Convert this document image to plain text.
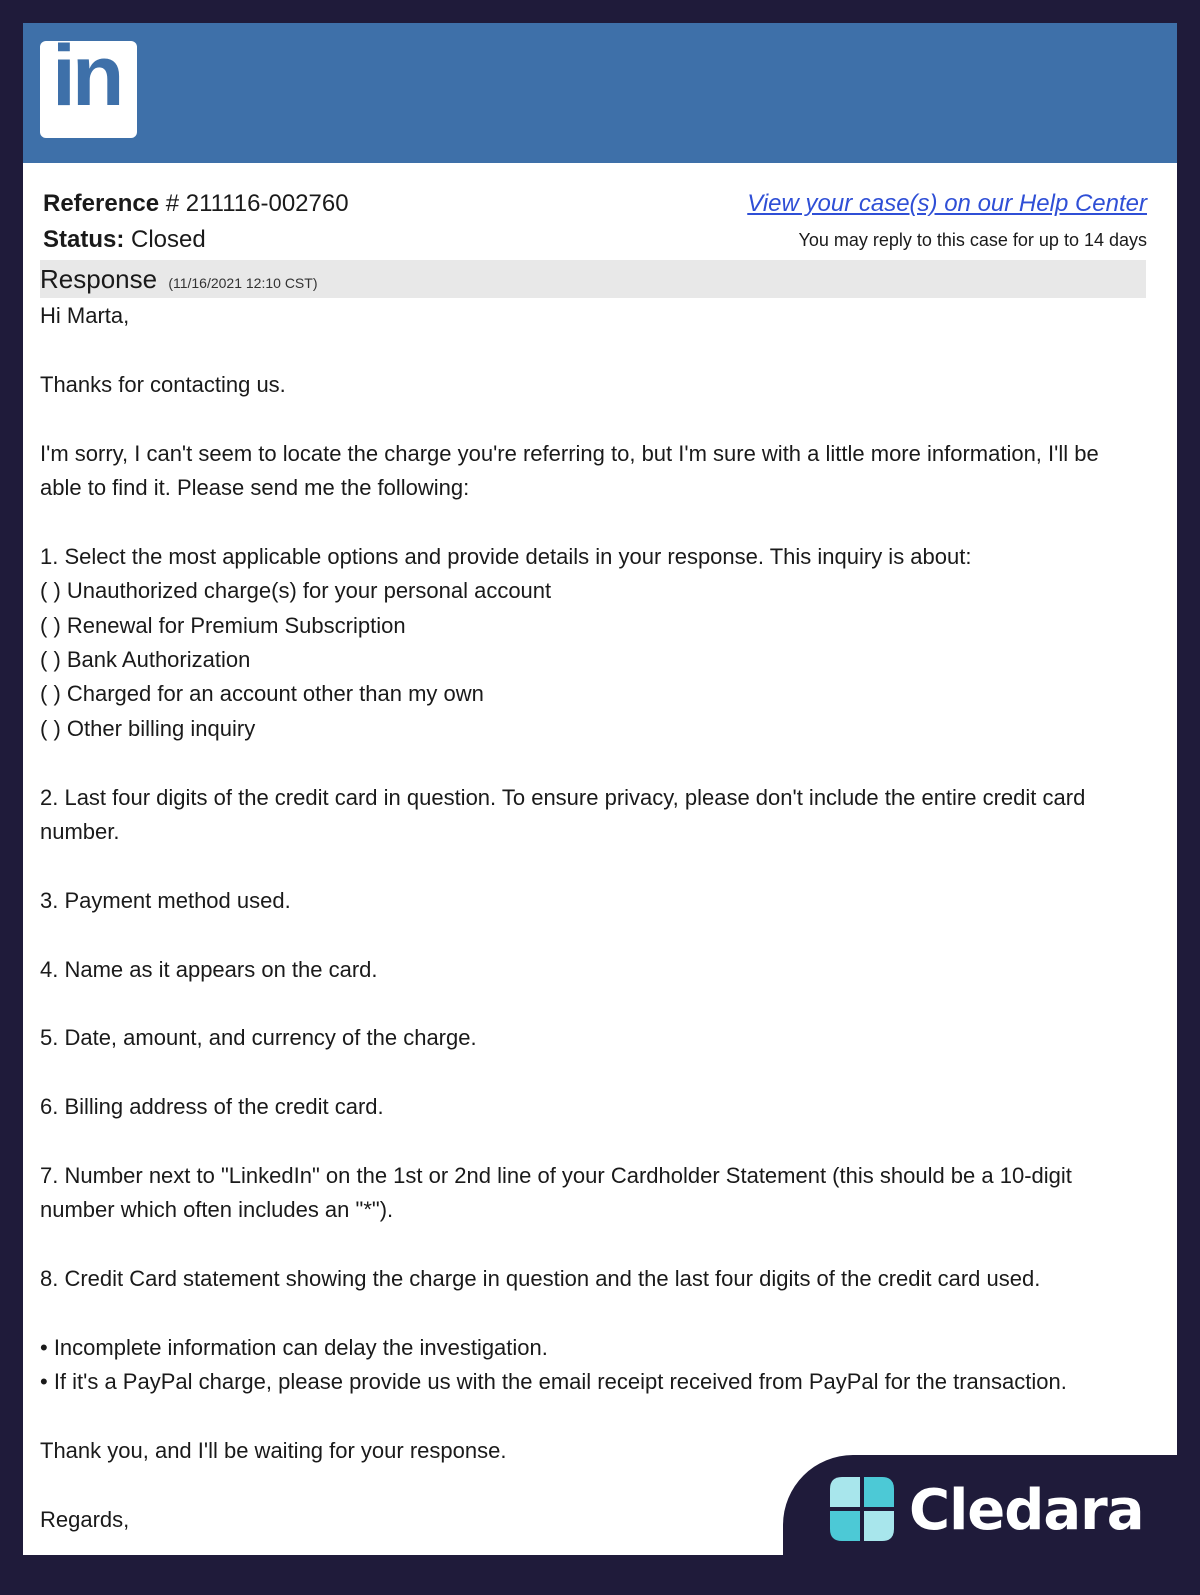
in
Reference # 211116-002760
Status: Closed
View your case(s) on our Help Center
You may reply to this case for up to 14 days
Response (11/16/2021 12:10 CST)

Hi Marta,

Thanks for contacting us.

I'm sorry, I can't seem to locate the charge you're referring to, but I'm sure with a little more information, I'll be

able to find it. Please send me the following:

1. Select the most applicable options and provide details in your response. This inquiry is about:

( ) Unauthorized charge(s) for your personal account

( ) Renewal for Premium Subscription

( ) Bank Authorization

( ) Charged for an account other than my own

( ) Other billing inquiry

2. Last four digits of the credit card in question. To ensure privacy, please don't include the entire credit card

number.

3. Payment method used.

4. Name as it appears on the card.

5. Date, amount, and currency of the charge.

6. Billing address of the credit card.

7. Number next to "LinkedIn" on the 1st or 2nd line of your Cardholder Statement (this should be a 10-digit

number which often includes an "*").

8. Credit Card statement showing the charge in question and the last four digits of the credit card used.

• Incomplete information can delay the investigation.

• If it's a PayPal charge, please provide us with the email receipt received from PayPal for the transaction.

Thank you, and I'll be waiting for your response.

Regards,	Cledara
